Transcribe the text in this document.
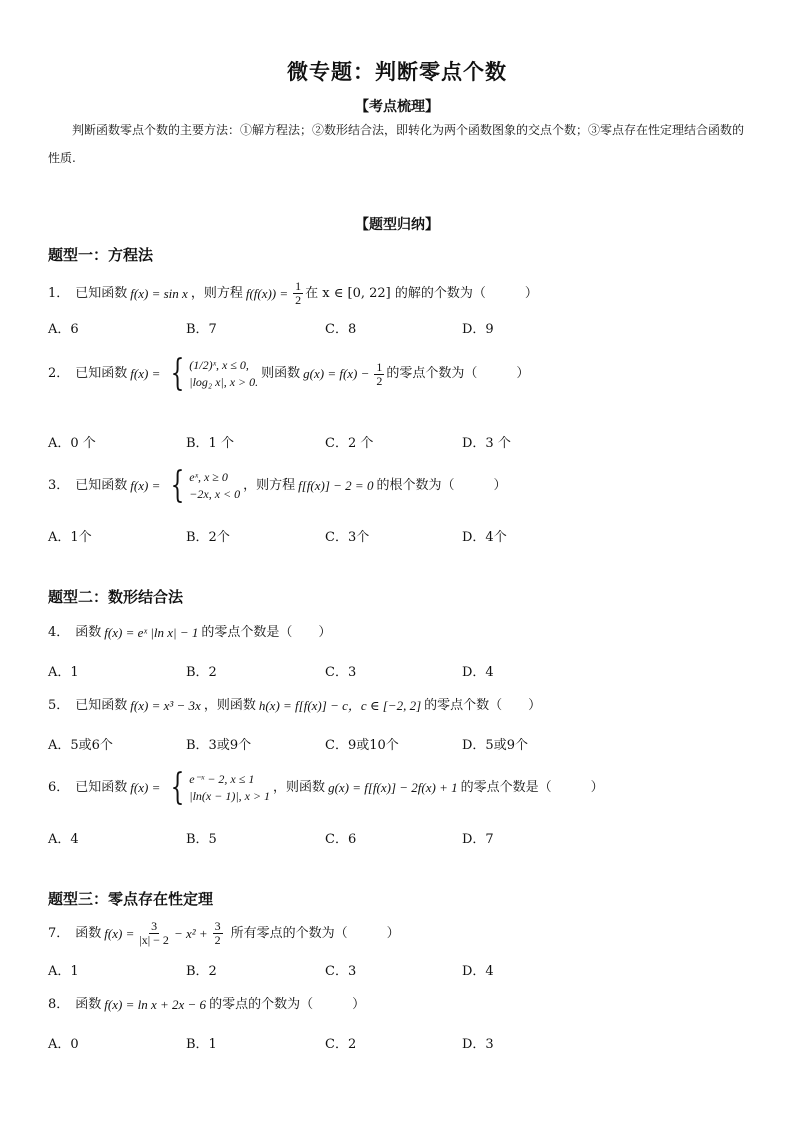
微专题：判断零点个数
【考点梳理】

判断函数零点个数的主要方法：①解方程法；②数形结合法，即转化为两个函数图象的交点个数；③零点存在性定理结合函数的性质.

【题型归纳】
题型一：方程法
1． 已知函数 f(x) = sin x ，则方程 $f(f(x)) = \frac{1}{2}$ 在 x ∈ [0, 22] 的解的个数为（　　　）
A．6	B．7	C．8	D．9
2． 已知函数 f(x) = { (1/2)ˣ, x ≤ 0,
|log₂ x|, x > 0.
则函数 $g(x) = f(x) - \frac{1}{2}$ 的零点个数为（　　　）
A．0 个	B．1 个	C．2 个	D．3 个
3． 已知函数 f(x) = { eˣ, x ≥ 0
−2x, x < 0
，则方程 f[f(x)] − 2 = 0 的根个数为（　　　）
A．1个	B．2个	C．3个	D．4个
题型二：数形结合法
4． 函数 f(x) = eˣ |ln x| − 1 的零点个数是（　　）
A．1	B．2	C．3	D．4
5． 已知函数 f(x) = x³ − 3x ，则函数 h(x) = f[f(x)] − c，c ∈ [−2, 2] 的零点个数（　　）
A．5或6个	B．3或9个	C．9或10个	D．5或9个
6． 已知函数 f(x) = { e⁻ˣ − 2, x ≤ 1
|ln(x − 1)|, x > 1
，则函数 g(x) = f[f(x)] − 2f(x) + 1 的零点个数是（　　　）
A．4	B．5	C．6	D．7
题型三：零点存在性定理
7． 函数 $f(x) = \frac{3}{|x| - 2} - x^2 + \frac{3}{2}$ 所有零点的个数为（　　　）
A．1	B．2	C．3	D．4
8． 函数 f(x) = ln x + 2x − 6 的零点的个数为（　　　）
A．0	B．1	C．2	D．3
